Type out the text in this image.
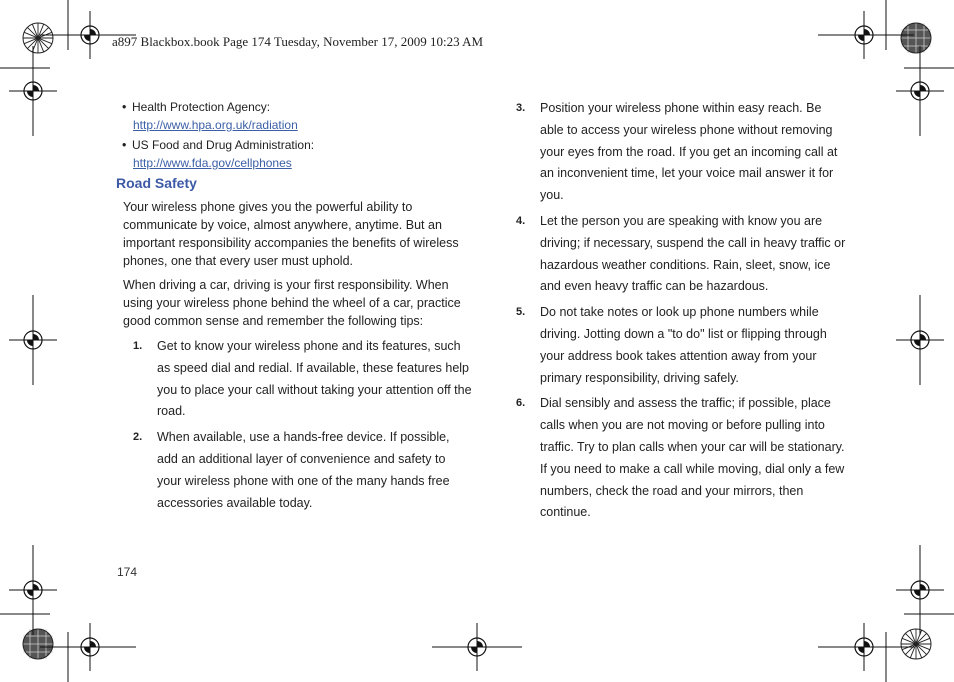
a897 Blackbox.book Page 174 Tuesday, November 17, 2009 10:23 AM
• Health Protection Agency:
http://www.hpa.org.uk/radiation
• US Food and Drug Administration:
http://www.fda.gov/cellphones
Road Safety

Your wireless phone gives you the powerful ability to communicate by voice, almost anywhere, anytime. But an important responsibility accompanies the benefits of wireless phones, one that every user must uphold.

When driving a car, driving is your first responsibility. When using your wireless phone behind the wheel of a car, practice good common sense and remember the following tips:

1.	Get to know your wireless phone and its features, such as speed dial and redial. If available, these features help you to place your call without taking your attention off the road.
2.	When available, use a hands-free device. If possible, add an additional layer of convenience and safety to your wireless phone with one of the many hands free accessories available today.
3.	Position your wireless phone within easy reach. Be able to access your wireless phone without removing your eyes from the road. If you get an incoming call at an inconvenient time, let your voice mail answer it for you.
4.	Let the person you are speaking with know you are driving; if necessary, suspend the call in heavy traffic or hazardous weather conditions. Rain, sleet, snow, ice and even heavy traffic can be hazardous.
5.	Do not take notes or look up phone numbers while driving. Jotting down a "to do" list or flipping through your address book takes attention away from your primary responsibility, driving safely.
6.	Dial sensibly and assess the traffic; if possible, place calls when you are not moving or before pulling into traffic. Try to plan calls when your car will be stationary. If you need to make a call while moving, dial only a few numbers, check the road and your mirrors, then continue.
174
